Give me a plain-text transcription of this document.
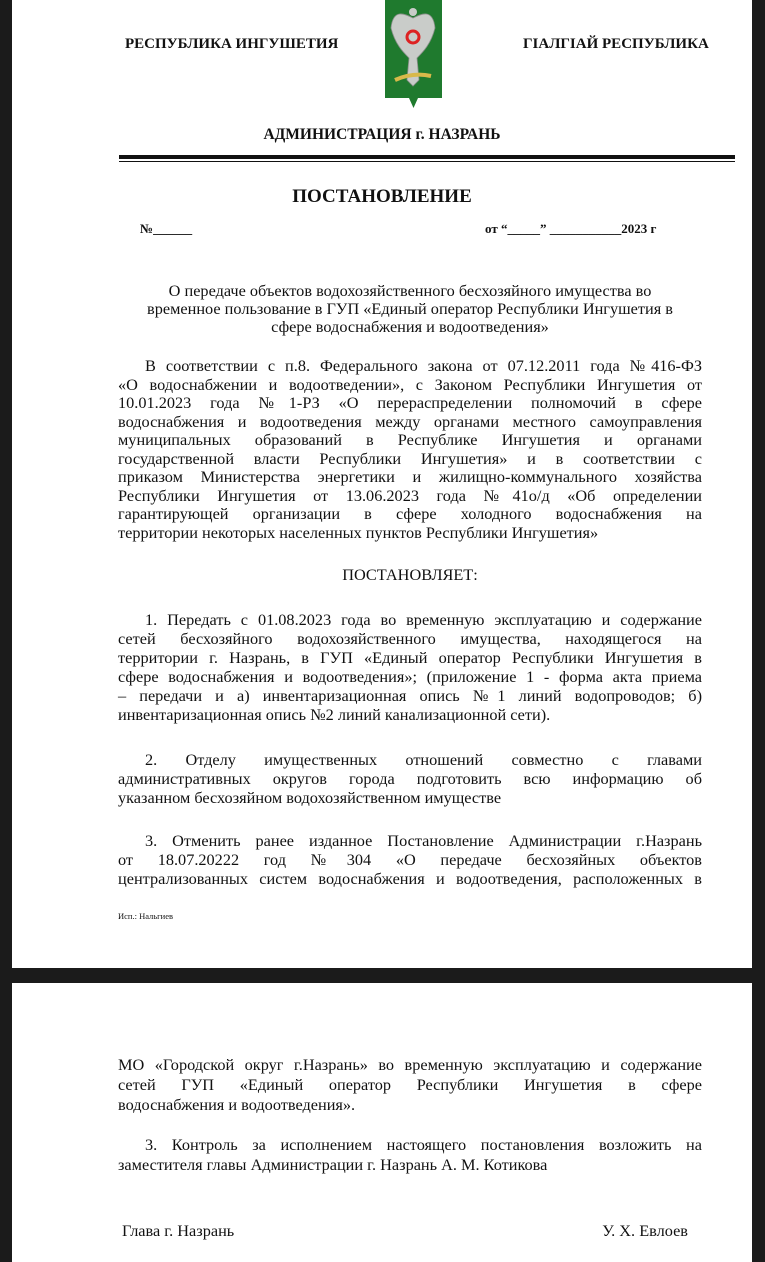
РЕСПУБЛИКА ИНГУШЕТИЯ	ГIАЛГIАЙ РЕСПУБЛИКА
АДМИНИСТРАЦИЯ г. НАЗРАНЬ
ПОСТАНОВЛЕНИЕ
№______	от “_____” ___________2023 г
О передаче объектов водохозяйственного бесхозяйного имущества во
временное пользование в ГУП «Единый оператор Республики Ингушетия в
сфере водоснабжения и водоотведения»
В соответствии с п.8. Федерального закона от 07.12.2011 года №416-ФЗ
«О водоснабжении и водоотведении», с Законом Республики Ингушетия от
10.01.2023 года №1-РЗ «О перераспределении полномочий в сфере
водоснабжения и водоотведения между органами местного самоуправления
муниципальных образований в Республике Ингушетия и органами
государственной власти Республики Ингушетия» и в соответствии с
приказом Министерства энергетики и жилищно-коммунального хозяйства
Республики Ингушетия от 13.06.2023 года №41о/д «Об определении
гарантирующей организации в сфере холодного водоснабжения на
территории некоторых населенных пунктов Республики Ингушетия»
ПОСТАНОВЛЯЕТ:
1. Передать с 01.08.2023 года во временную эксплуатацию и содержание
сетей бесхозяйного водохозяйственного имущества, находящегося на
территории г. Назрань, в ГУП «Единый оператор Республики Ингушетия в
сфере водоснабжения и водоотведения»; (приложение 1 - форма акта приема
– передачи и а) инвентаризационная опись №1 линий водопроводов; б)
инвентаризационная опись №2 линий канализационной сети).
2. Отделу имущественных отношений совместно с главами
административных округов города подготовить всю информацию об
указанном бесхозяйном водохозяйственном имуществе
3. Отменить ранее изданное Постановление Администрации г.Назрань
от 18.07.20222 год №304 «О передаче бесхозяйных объектов
централизованных систем водоснабжения и водоотведения, расположенных в
Исп.: Нальгиев
МО «Городской округ г.Назрань» во временную эксплуатацию и содержание
сетей ГУП «Единый оператор Республики Ингушетия в сфере
водоснабжения и водоотведения».
3. Контроль за исполнением настоящего постановления возложить на
заместителя главы Администрации г. Назрань А. М. Котикова
Глава г. Назрань	У. Х. Евлоев
